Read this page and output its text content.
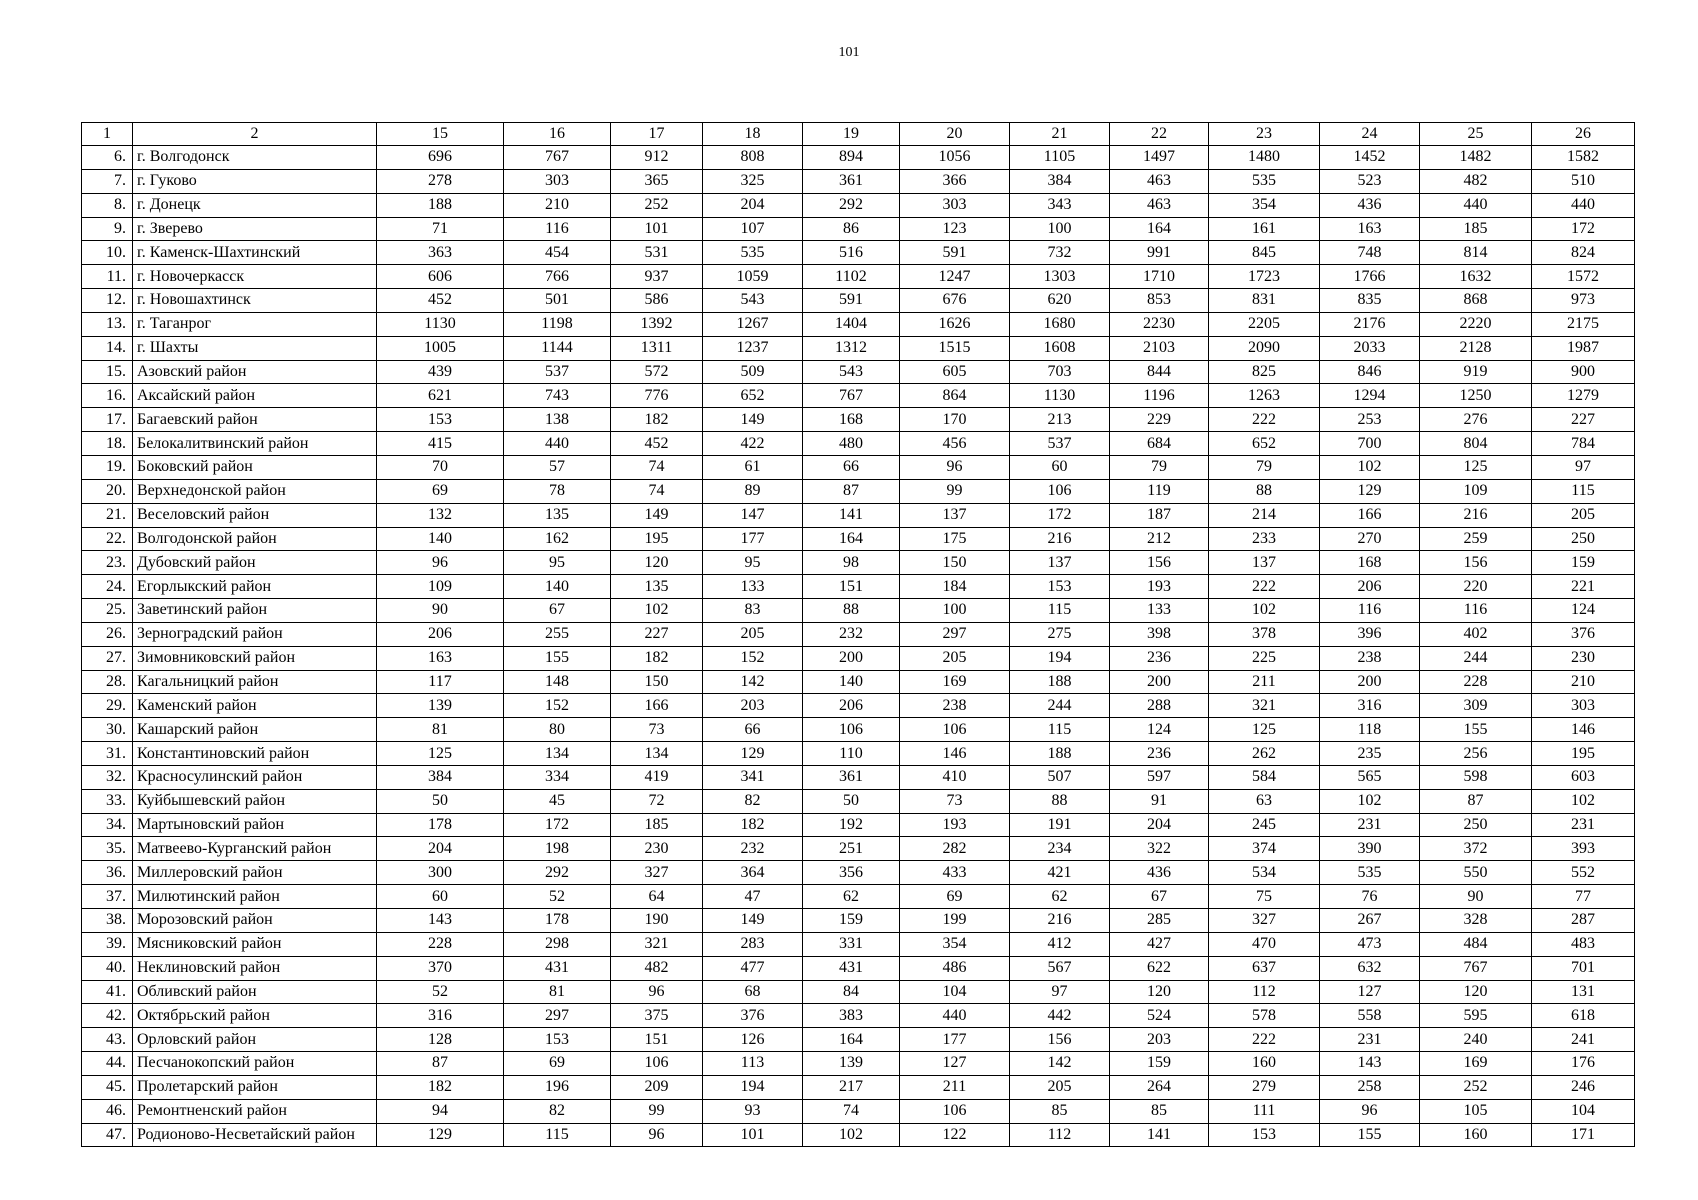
101
1	2	15	16	17	18	19	20	21	22	23	24	25	26
6.	г. Волгодонск	696	767	912	808	894	1056	1105	1497	1480	1452	1482	1582
7.	г. Гуково	278	303	365	325	361	366	384	463	535	523	482	510
8.	г. Донецк	188	210	252	204	292	303	343	463	354	436	440	440
9.	г. Зверево	71	116	101	107	86	123	100	164	161	163	185	172
10.	г. Каменск-Шахтинский	363	454	531	535	516	591	732	991	845	748	814	824
11.	г. Новочеркасск	606	766	937	1059	1102	1247	1303	1710	1723	1766	1632	1572
12.	г. Новошахтинск	452	501	586	543	591	676	620	853	831	835	868	973
13.	г. Таганрог	1130	1198	1392	1267	1404	1626	1680	2230	2205	2176	2220	2175
14.	г. Шахты	1005	1144	1311	1237	1312	1515	1608	2103	2090	2033	2128	1987
15.	Азовский район	439	537	572	509	543	605	703	844	825	846	919	900
16.	Аксайский район	621	743	776	652	767	864	1130	1196	1263	1294	1250	1279
17.	Багаевский район	153	138	182	149	168	170	213	229	222	253	276	227
18.	Белокалитвинский район	415	440	452	422	480	456	537	684	652	700	804	784
19.	Боковский район	70	57	74	61	66	96	60	79	79	102	125	97
20.	Верхнедонской район	69	78	74	89	87	99	106	119	88	129	109	115
21.	Веселовский район	132	135	149	147	141	137	172	187	214	166	216	205
22.	Волгодонской район	140	162	195	177	164	175	216	212	233	270	259	250
23.	Дубовский район	96	95	120	95	98	150	137	156	137	168	156	159
24.	Егорлыкский район	109	140	135	133	151	184	153	193	222	206	220	221
25.	Заветинский район	90	67	102	83	88	100	115	133	102	116	116	124
26.	Зерноградский район	206	255	227	205	232	297	275	398	378	396	402	376
27.	Зимовниковский район	163	155	182	152	200	205	194	236	225	238	244	230
28.	Кагальницкий район	117	148	150	142	140	169	188	200	211	200	228	210
29.	Каменский район	139	152	166	203	206	238	244	288	321	316	309	303
30.	Кашарский район	81	80	73	66	106	106	115	124	125	118	155	146
31.	Константиновский район	125	134	134	129	110	146	188	236	262	235	256	195
32.	Красносулинский район	384	334	419	341	361	410	507	597	584	565	598	603
33.	Куйбышевский район	50	45	72	82	50	73	88	91	63	102	87	102
34.	Мартыновский район	178	172	185	182	192	193	191	204	245	231	250	231
35.	Матвеево-Курганский район	204	198	230	232	251	282	234	322	374	390	372	393
36.	Миллеровский район	300	292	327	364	356	433	421	436	534	535	550	552
37.	Милютинский район	60	52	64	47	62	69	62	67	75	76	90	77
38.	Морозовский район	143	178	190	149	159	199	216	285	327	267	328	287
39.	Мясниковский район	228	298	321	283	331	354	412	427	470	473	484	483
40.	Неклиновский район	370	431	482	477	431	486	567	622	637	632	767	701
41.	Обливский район	52	81	96	68	84	104	97	120	112	127	120	131
42.	Октябрьский район	316	297	375	376	383	440	442	524	578	558	595	618
43.	Орловский район	128	153	151	126	164	177	156	203	222	231	240	241
44.	Песчанокопский район	87	69	106	113	139	127	142	159	160	143	169	176
45.	Пролетарский район	182	196	209	194	217	211	205	264	279	258	252	246
46.	Ремонтненский район	94	82	99	93	74	106	85	85	111	96	105	104
47.	Родионово-Несветайский район	129	115	96	101	102	122	112	141	153	155	160	171
